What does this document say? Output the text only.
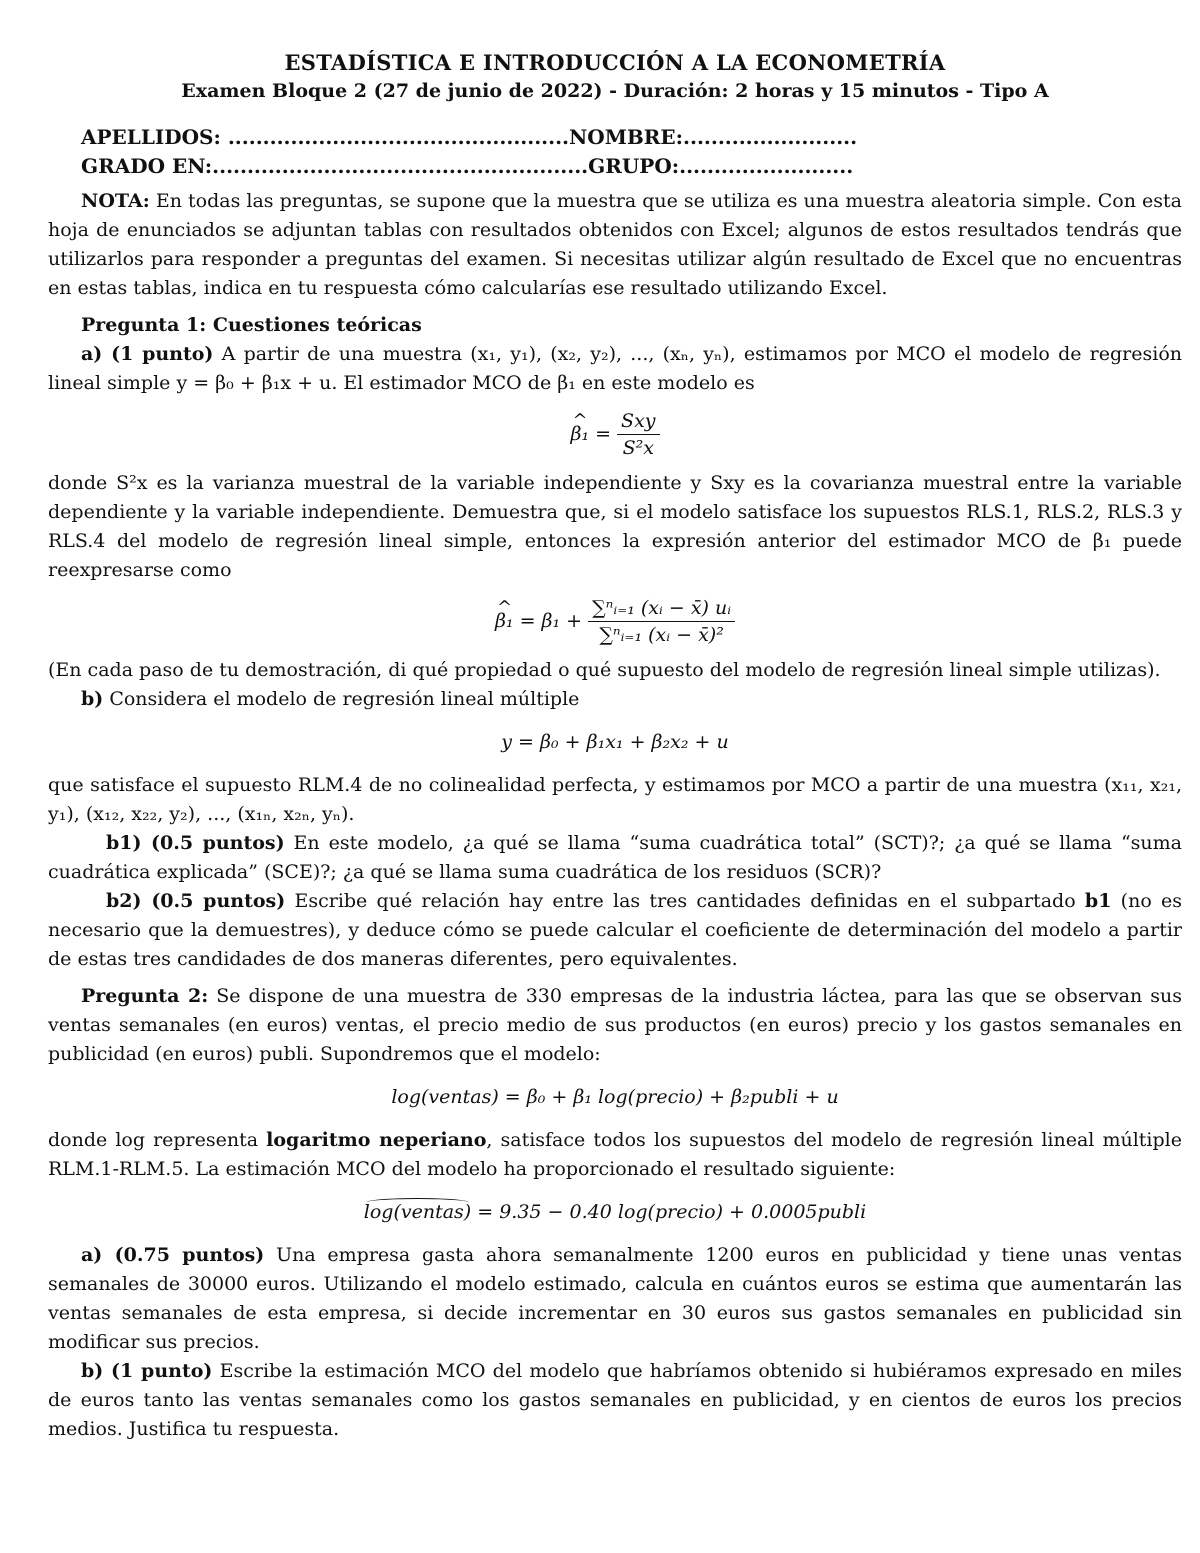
ESTADÍSTICA E INTRODUCCIÓN A LA ECONOMETRÍA
Examen Bloque 2 (27 de junio de 2022) - Duración: 2 horas y 15 minutos - Tipo A
APELLIDOS: .................................................NOMBRE:.........................
GRADO EN:......................................................GRUPO:.........................

NOTA: En todas las preguntas, se supone que la muestra que se utiliza es una muestra aleatoria simple. Con esta hoja de enunciados se adjuntan tablas con resultados obtenidos con Excel; algunos de estos resultados tendrás que utilizarlos para responder a preguntas del examen. Si necesitas utilizar algún resultado de Excel que no encuentras en estas tablas, indica en tu respuesta cómo calcularías ese resultado utilizando Excel.

Pregunta 1: Cuestiones teóricas

a) (1 punto) A partir de una muestra (x₁, y₁), (x₂, y₂), ..., (xₙ, yₙ), estimamos por MCO el modelo de regresión lineal simple y = β₀ + β₁x + u. El estimador MCO de β₁ en este modelo es

^ $\beta_1 = \frac{\text{Sxy}}{\text{S²x}}$

donde S²x es la varianza muestral de la variable independiente y Sxy es la covarianza muestral entre la variable dependiente y la variable independiente. Demuestra que, si el modelo satisface los supuestos RLS.1, RLS.2, RLS.3 y RLS.4 del modelo de regresión lineal simple, entonces la expresión anterior del estimador MCO de β₁ puede reexpresarse como

^ $\beta_1 = \beta_1 + \frac{\text{∑ⁿᵢ₌₁ (xᵢ − x̄) uᵢ}}{\text{∑ⁿᵢ₌₁ (xᵢ − x̄)²}}$

(En cada paso de tu demostración, di qué propiedad o qué supuesto del modelo de regresión lineal simple utilizas).

b) Considera el modelo de regresión lineal múltiple

y = β₀ + β₁x₁ + β₂x₂ + u

que satisface el supuesto RLM.4 de no colinealidad perfecta, y estimamos por MCO a partir de una muestra (x₁₁, x₂₁, y₁), (x₁₂, x₂₂, y₂), ..., (x₁ₙ, x₂ₙ, yₙ).

b1) (0.5 puntos) En este modelo, ¿a qué se llama “suma cuadrática total” (SCT)?; ¿a qué se llama “suma cuadrática explicada” (SCE)?; ¿a qué se llama suma cuadrática de los residuos (SCR)?

b2) (0.5 puntos) Escribe qué relación hay entre las tres cantidades definidas en el subpartado b1 (no es necesario que la demuestres), y deduce cómo se puede calcular el coeficiente de determinación del modelo a partir de estas tres candidades de dos maneras diferentes, pero equivalentes.

Pregunta 2: Se dispone de una muestra de 330 empresas de la industria láctea, para las que se observan sus ventas semanales (en euros) ventas, el precio medio de sus productos (en euros) precio y los gastos semanales en publicidad (en euros) publi. Supondremos que el modelo:

log(ventas) = β₀ + β₁ log(precio) + β₂publi + u

donde log representa logaritmo neperiano, satisface todos los supuestos del modelo de regresión lineal múltiple RLM.1-RLM.5. La estimación MCO del modelo ha proporcionado el resultado siguiente:

log(ventas) = 9.35 − 0.40 log(precio) + 0.0005publi

a) (0.75 puntos) Una empresa gasta ahora semanalmente 1200 euros en publicidad y tiene unas ventas semanales de 30000 euros. Utilizando el modelo estimado, calcula en cuántos euros se estima que aumentarán las ventas semanales de esta empresa, si decide incrementar en 30 euros sus gastos semanales en publicidad sin modificar sus precios.

b) (1 punto) Escribe la estimación MCO del modelo que habríamos obtenido si hubiéramos expresado en miles de euros tanto las ventas semanales como los gastos semanales en publicidad, y en cientos de euros los precios medios. Justifica tu respuesta.
